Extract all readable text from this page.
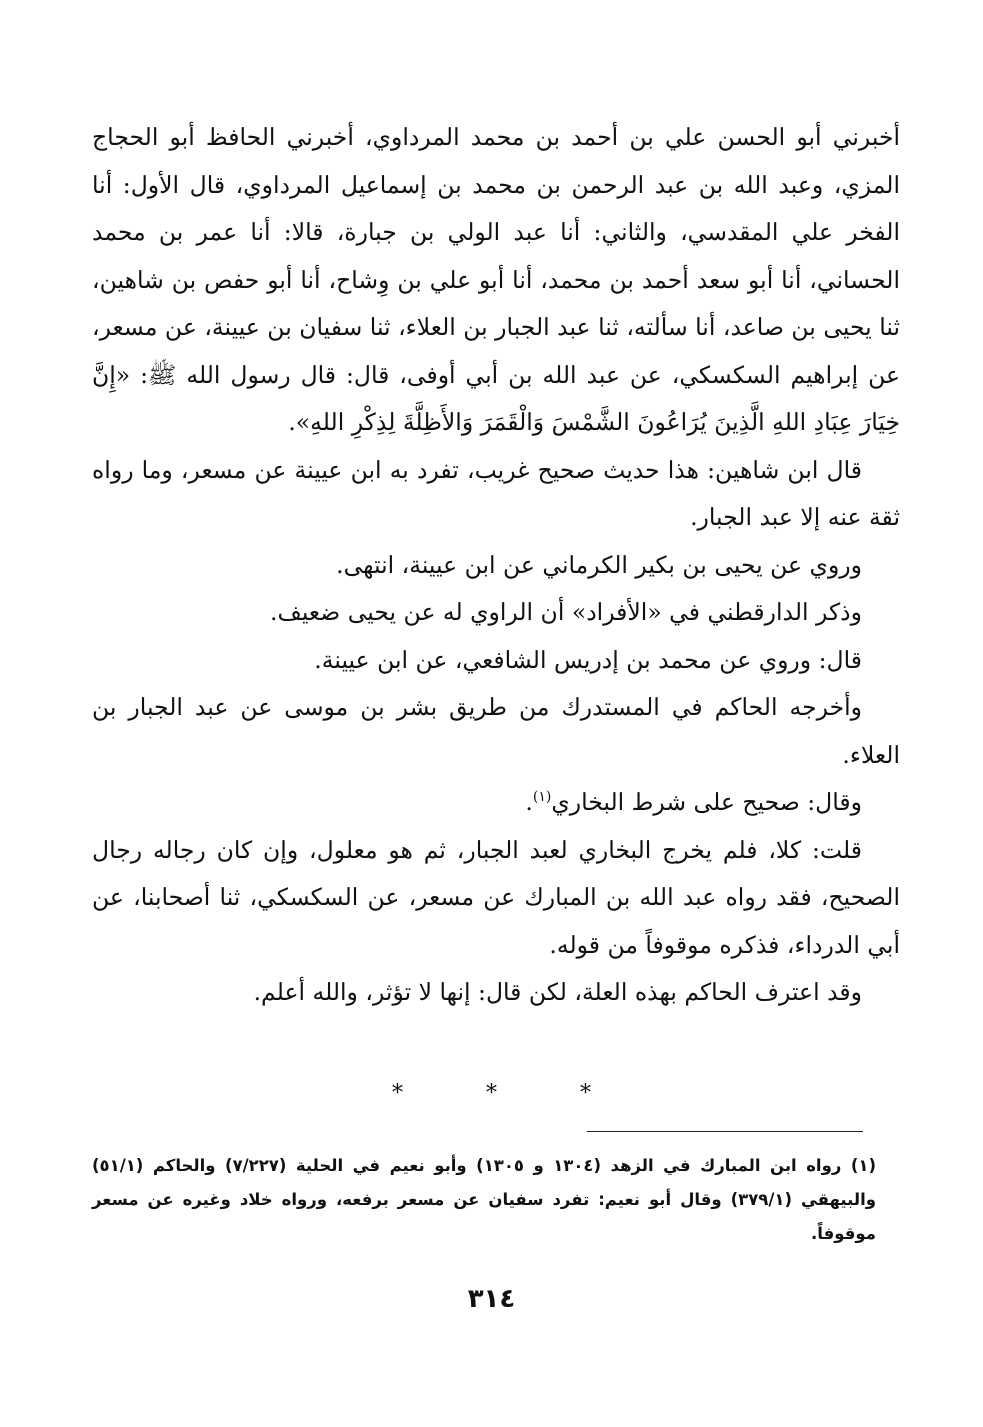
أخبرني أبو الحسن علي بن أحمد بن محمد المرداوي، أخبرني الحافظ أبو الحجاج المزي، وعبد الله بن عبد الرحمن بن محمد بن إسماعيل المرداوي، قال الأول: أنا الفخر علي المقدسي، والثاني: أنا عبد الولي بن جبارة، قالا: أنا عمر بن محمد الحساني، أنا أبو سعد أحمد بن محمد، أنا أبو علي بن وِشاح، أنا أبو حفص بن شاهين، ثنا يحيى بن صاعد، أنا سألته، ثنا عبد الجبار بن العلاء، ثنا سفيان بن عيينة، عن مسعر، عن إبراهيم السكسكي، عن عبد الله بن أبي أوفى، قال: قال رسول الله ﷺ: «إِنَّ خِيَارَ عِبَادِ اللهِ الَّذِينَ يُرَاعُونَ الشَّمْسَ وَالْقَمَرَ وَالأَظِلَّةَ لِذِكْرِ اللهِ».

قال ابن شاهين: هذا حديث صحيح غريب، تفرد به ابن عيينة عن مسعر، وما رواه ثقة عنه إلا عبد الجبار.

وروي عن يحيى بن بكير الكرماني عن ابن عيينة، انتهى.

وذكر الدارقطني في «الأفراد» أن الراوي له عن يحيى ضعيف.

قال: وروي عن محمد بن إدريس الشافعي، عن ابن عيينة.

وأخرجه الحاكم في المستدرك من طريق بشر بن موسى عن عبد الجبار بن العلاء.

وقال: صحيح على شرط البخاري$^{(١)}$.

قلت: كلا، فلم يخرج البخاري لعبد الجبار، ثم هو معلول، وإن كان رجاله رجال الصحيح، فقد رواه عبد الله بن المبارك عن مسعر، عن السكسكي، ثنا أصحابنا، عن أبي الدرداء، فذكره موقوفاً من قوله.

وقد اعترف الحاكم بهذه العلة، لكن قال: إنها لا تؤثر، والله أعلم.

* * *

(١) رواه ابن المبارك في الزهد (١٣٠٤ و ١٣٠٥) وأبو نعيم في الحلية (٧/٢٢٧) والحاكم (٥١/١) والبيهقي (٣٧٩/١) وقال أبو نعيم: تفرد سفيان عن مسعر برفعه، ورواه خلاد وغيره عن مسعر موقوفاً.

٣١٤
